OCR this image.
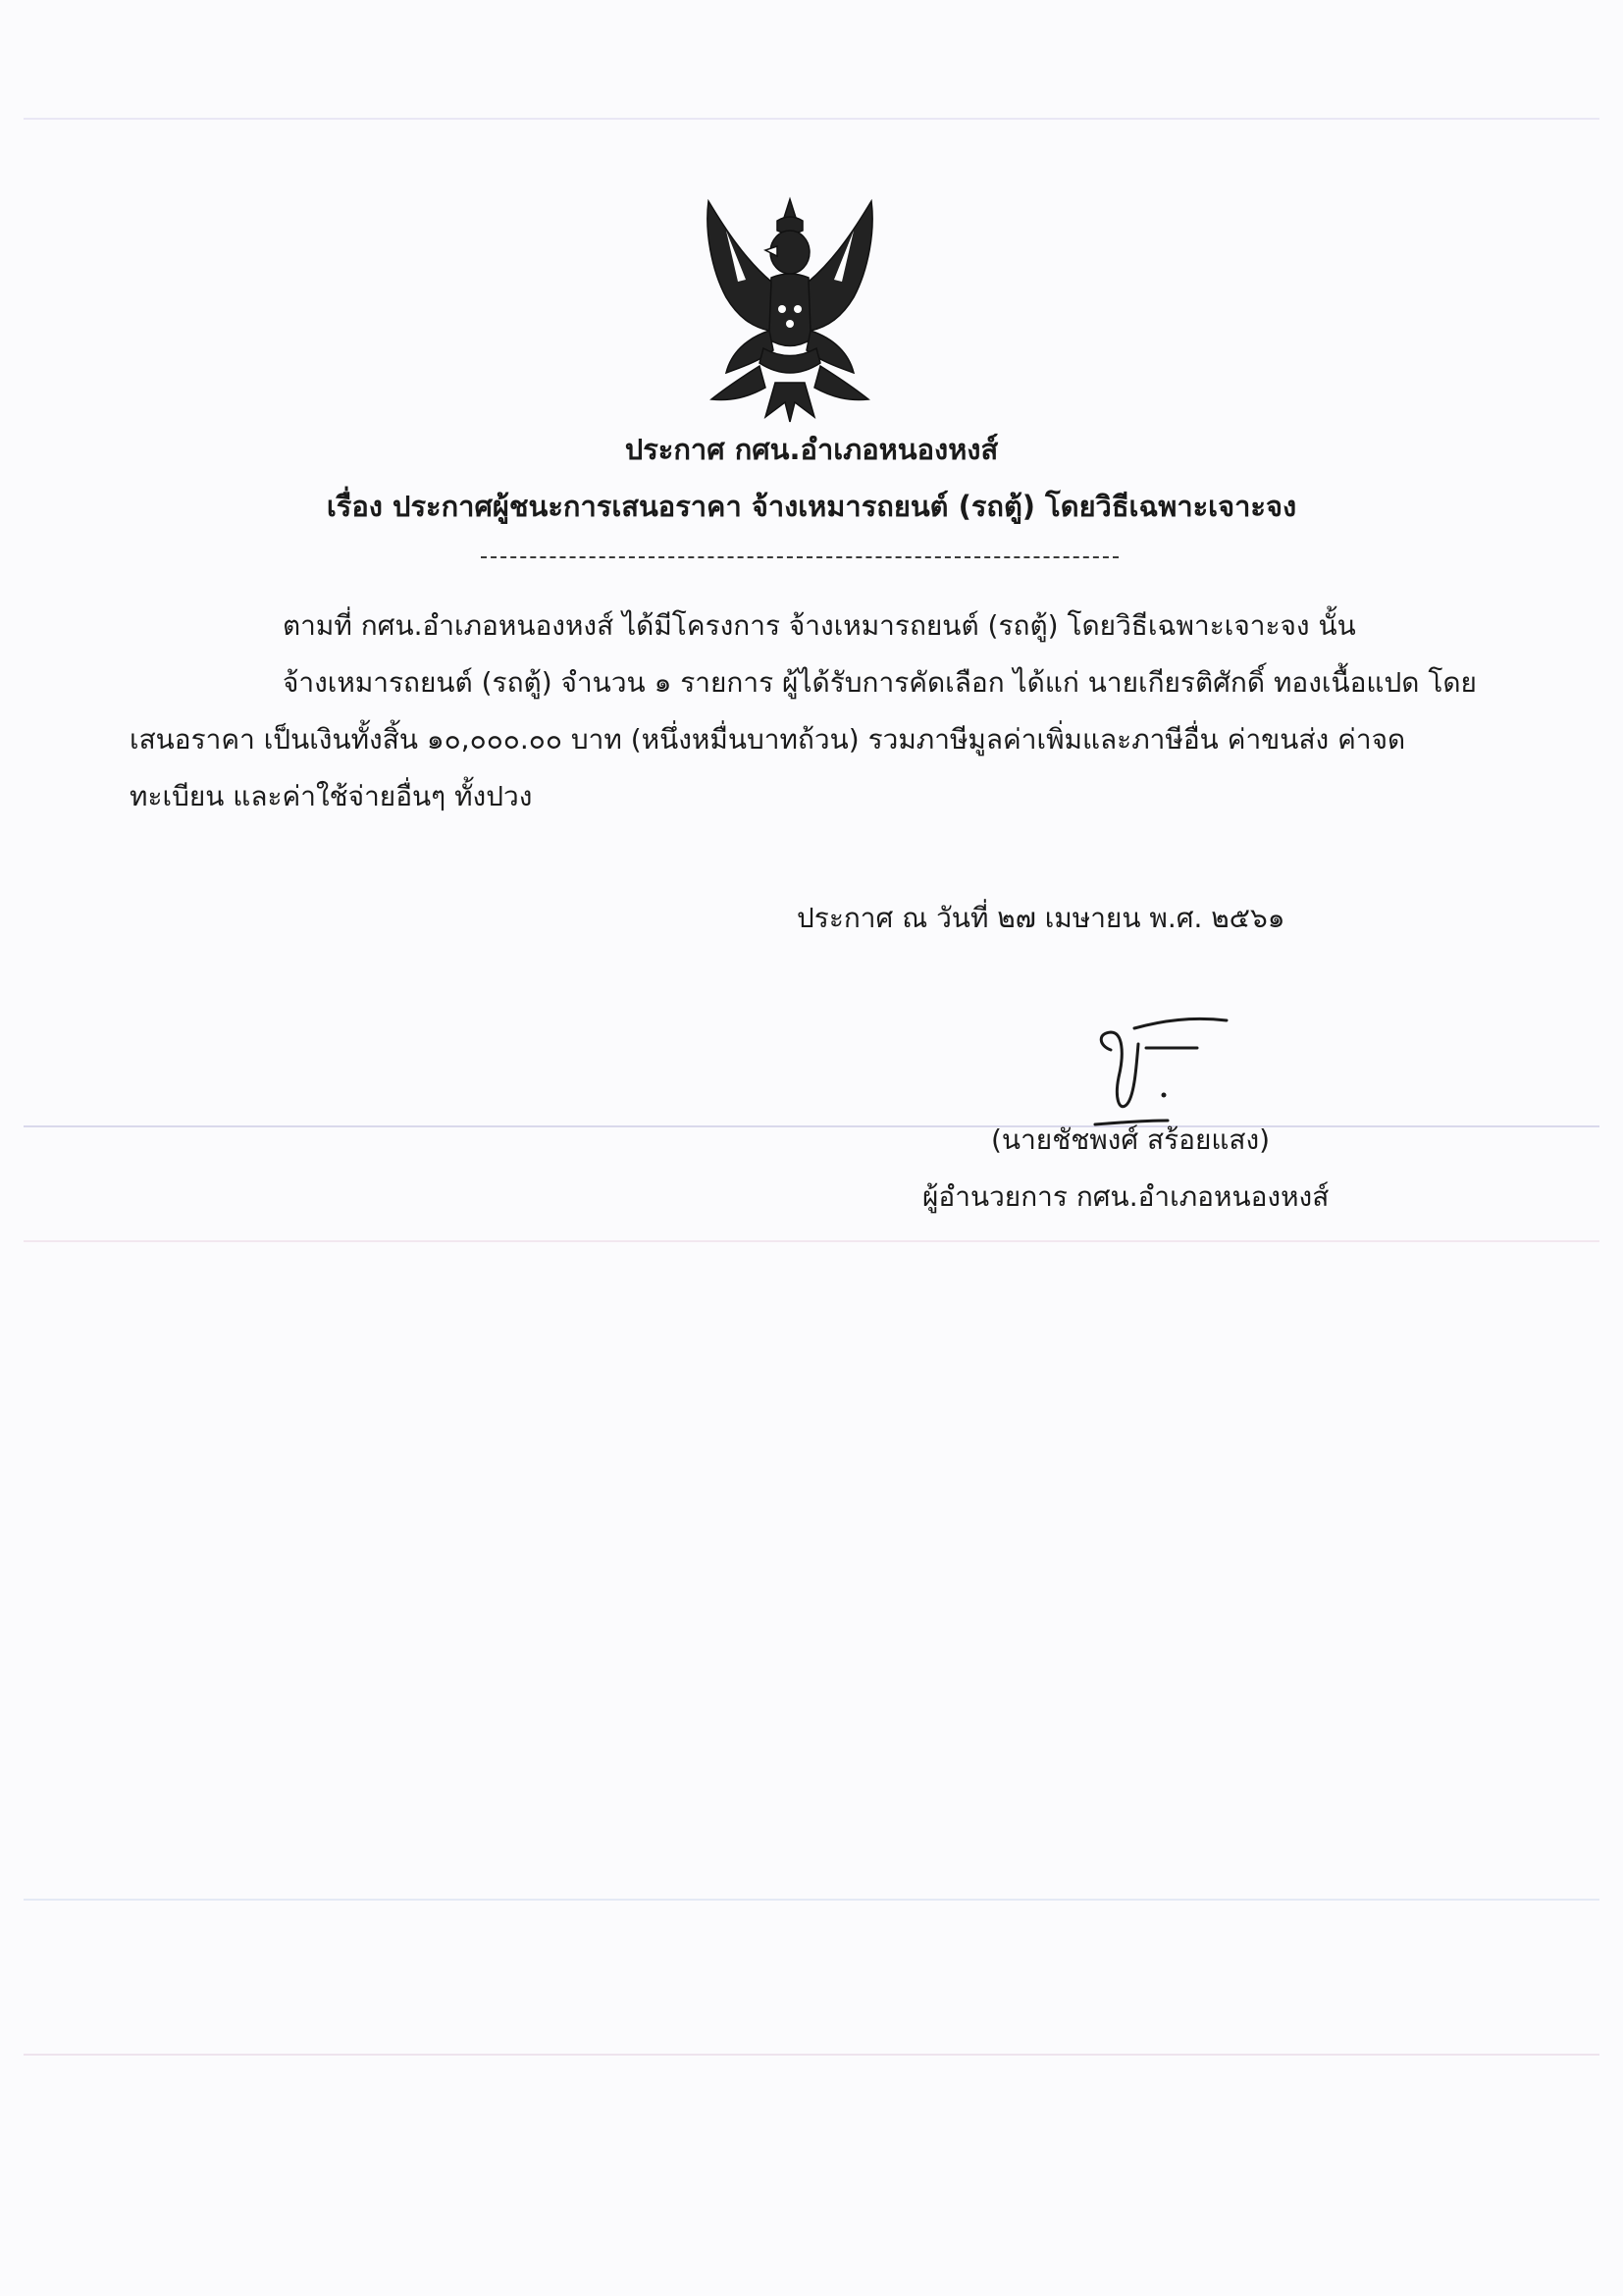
ประกาศ กศน.อำเภอหนองหงส์
เรื่อง ประกาศผู้ชนะการเสนอราคา จ้างเหมารถยนต์ (รถตู้) โดยวิธีเฉพาะเจาะจง
ตามที่ กศน.อำเภอหนองหงส์ ได้มีโครงการ จ้างเหมารถยนต์ (รถตู้) โดยวิธีเฉพาะเจาะจง นั้น
จ้างเหมารถยนต์ (รถตู้) จำนวน ๑ รายการ ผู้ได้รับการคัดเลือก ได้แก่ นายเกียรติศักดิ์ ทองเนื้อแปด โดย
เสนอราคา เป็นเงินทั้งสิ้น ๑๐,๐๐๐.๐๐ บาท (หนึ่งหมื่นบาทถ้วน) รวมภาษีมูลค่าเพิ่มและภาษีอื่น ค่าขนส่ง ค่าจด
ทะเบียน และค่าใช้จ่ายอื่นๆ ทั้งปวง
ประกาศ ณ วันที่ ๒๗ เมษายน พ.ศ. ๒๕๖๑
(นายชัชพงศ์ สร้อยแสง)
ผู้อำนวยการ กศน.อำเภอหนองหงส์
